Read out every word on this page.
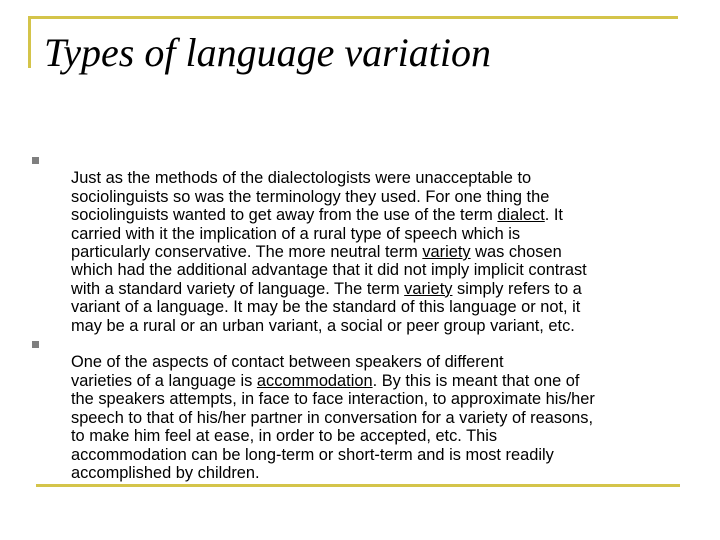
Types of language variation

Just as the methods of the dialectologists were unacceptable to
sociolinguists so was the terminology they used. For one thing the
sociolinguists wanted to get away from the use of the term dialect. It
carried with it the implication of a rural type of speech which is
particularly conservative. The more neutral term variety was chosen
which had the additional advantage that it did not imply implicit contrast
with a standard variety of language. The term variety simply refers to a
variant of a language. It may be the standard of this language or not, it
may be a rural or an urban variant, a social or peer group variant, etc.

One of the aspects of contact between speakers of different
varieties of a language is accommodation. By this is meant that one of
the speakers attempts, in face to face interaction, to approximate his/her
speech to that of his/her partner in conversation for a variety of reasons,
to make him feel at ease, in order to be accepted, etc. This
accommodation can be long-term or short-term and is most readily
accomplished by children.
